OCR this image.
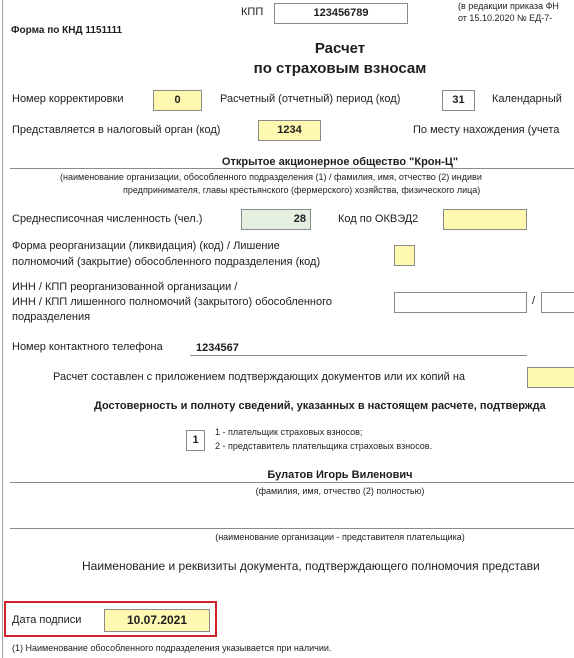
КПП	123456789
(в редакции приказа ФН
от 15.10.2020 № ЕД-7-
Форма по КНД 1151111
Расчет
по страховым взносам
Номер корректировки	0	Расчетный (отчетный) период (код)	31	Календарный
Представляется в налоговый орган (код)	1234	По месту нахождения (учета
Открытое акционерное общество "Крон-Ц"
(наименование организации, обособленного подразделения (1) / фамилия, имя, отчество (2) индиви
предпринимателя, главы крестьянского (фермерского) хозяйства, физического лица)
Среднесписочная численность (чел.)	28	Код по ОКВЭД2
Форма реорганизации (ликвидация) (код) / Лишение
полномочий (закрытие) обособленного подразделения (код)
ИНН / КПП реорганизованной организации /
ИНН / КПП лишенного полномочий (закрытого) обособленного
подразделения
/
Номер контактного телефона	1234567
Расчет составлен с приложением подтверждающих документов или их копий на
Достоверность и полноту сведений, указанных в настоящем расчете, подтвержда
1
1 - плательщик страховых взносов;
2 - представитель плательщика страховых взносов.
Булатов Игорь Виленович
(фамилия, имя, отчество (2) полностью)
(наименование организации - представителя плательщика)
Наименование и реквизиты документа, подтверждающего полномочия представи
Дата подписи	10.07.2021
(1) Наименование обособленного подразделения указывается при наличии.
